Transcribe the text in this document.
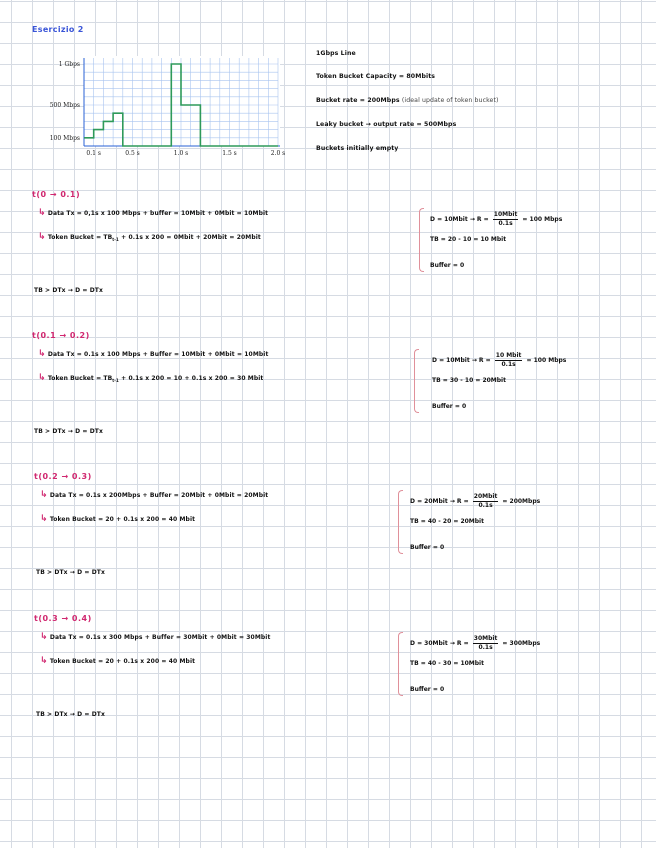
Esercizio 2
1 Gbps
500 Mbps
100 Mbps
0.1 s	0.5 s	1.0 s	1.5 s	2.0 s
1Gbps Line
Token Bucket Capacity = 80Mbits
Bucket rate = 200Mbps (ideal update of token bucket)
Leaky bucket → output rate = 500Mbps
Buckets initially empty
t(0 → 0.1)
↳ Data Tx = 0,1s x 100 Mbps + buffer = 10Mbit + 0Mbit = 10Mbit
↳ Token Bucket = $TB_{t-1} + 0.1s$ x 200 = 0Mbit + 20Mbit = 20Mbit
D = 10Mbit → $R = \frac{\text{10Mbit}}{0.1s} = 100$ Mbps
TB = 20 - 10 = 10 Mbit
Buffer = 0
TB > DTx → D = DTx
t(0.1 → 0.2)
↳ Data Tx = 0.1s x 100 Mbps + Buffer = 10Mbit + 0Mbit = 10Mbit
↳ Token Bucket = $TB_{t-1} + 0.1s$ x 200 = 10 + 0.1s x 200 = 30 Mbit
D = 10Mbit → $R = \frac{\text{10 Mbit}}{0.1s} = 100$ Mbps
TB = 30 - 10 = 20Mbit
Buffer = 0
TB > DTx → D = DTx
t(0.2 → 0.3)
↳ Data Tx = 0.1s x 200Mbps + Buffer = 20Mbit + 0Mbit = 20Mbit
↳ Token Bucket = 20 + 0.1s x 200 = 40 Mbit
D = 20Mbit → $R = \frac{\text{20Mbit}}{0.1s}$ = 200Mbps
TB = 40 - 20 = 20Mbit
Buffer = 0
TB > DTx → D = DTx
t(0.3 → 0.4)
↳ Data Tx = 0.1s x 300 Mbps + Buffer = 30Mbit + 0Mbit = 30Mbit
↳ Token Bucket = 20 + 0.1s x 200 = 40 Mbit
D = 30Mbit → $R = \frac{\text{30Mbit}}{0.1s}$ = 300Mbps
TB = 40 - 30 = 10Mbit
Buffer = 0
TB > DTx → D = DTx
